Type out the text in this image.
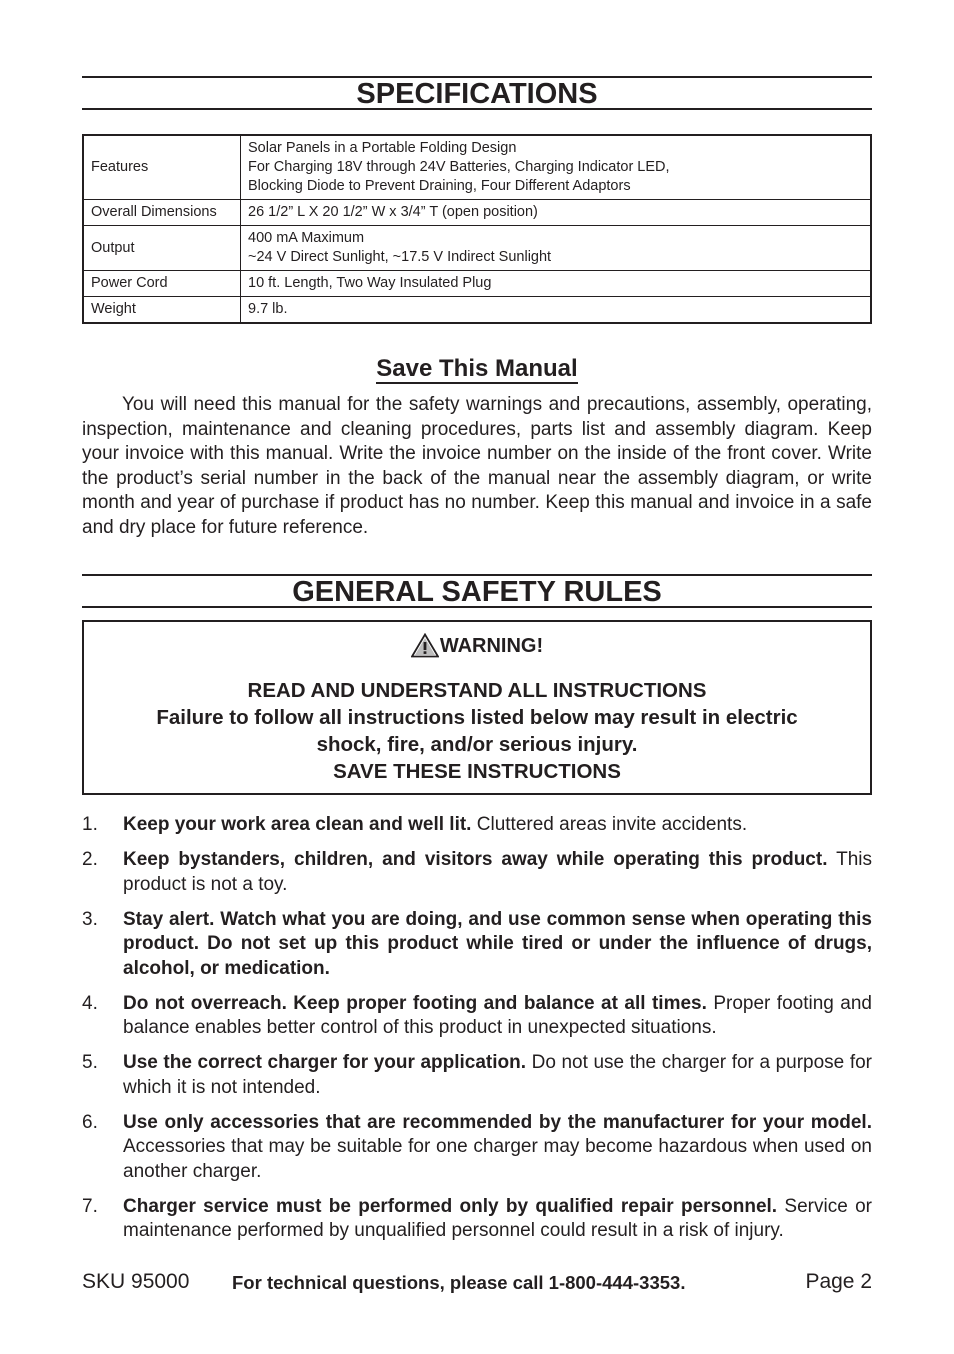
SPECIFICATIONS
Features	Solar Panels in a Portable Folding Design
For Charging 18V through 24V Batteries, Charging Indicator LED,
Blocking Diode to Prevent Draining, Four Different Adaptors

Overall Dimensions	26 1/2” L X 20 1/2” W x 3/4” T (open position)

Output	400 mA Maximum
~24 V Direct Sunlight, ~17.5 V Indirect Sunlight

Power Cord	10 ft. Length, Two Way Insulated Plug

Weight	9.7 lb.
Save This Manual
You will need this manual for the safety warnings and precautions, assembly, operating, inspection, maintenance and cleaning procedures, parts list and assembly diagram. Keep your invoice with this manual. Write the invoice number on the inside of the front cover. Write the product’s serial number in the back of the manual near the assembly diagram, or write month and year of purchase if product has no number. Keep this manual and invoice in a safe and dry place for future reference.
GENERAL SAFETY RULES
WARNING!
READ AND UNDERSTAND ALL INSTRUCTIONS
Failure to follow all instructions listed below may result in electric
shock, fire, and/or serious injury.
SAVE THESE INSTRUCTIONS
1. Keep your work area clean and well lit. Cluttered areas invite accidents.
2. Keep bystanders, children, and visitors away while operating this product. This product is not a toy.
3. Stay alert. Watch what you are doing, and use common sense when operating this product. Do not set up this product while tired or under the influence of drugs, alcohol, or medication.
4. Do not overreach. Keep proper footing and balance at all times. Proper footing and balance enables better control of this product in unexpected situations.
5. Use the correct charger for your application. Do not use the charger for a purpose for which it is not intended.
6. Use only accessories that are recommended by the manufacturer for your model. Accessories that may be suitable for one charger may become hazardous when used on another charger.
7. Charger service must be performed only by qualified repair personnel. Service or maintenance performed by unqualified personnel could result in a risk of injury.
SKU 95000 For technical questions, please call 1-800-444-3353.	Page 2
